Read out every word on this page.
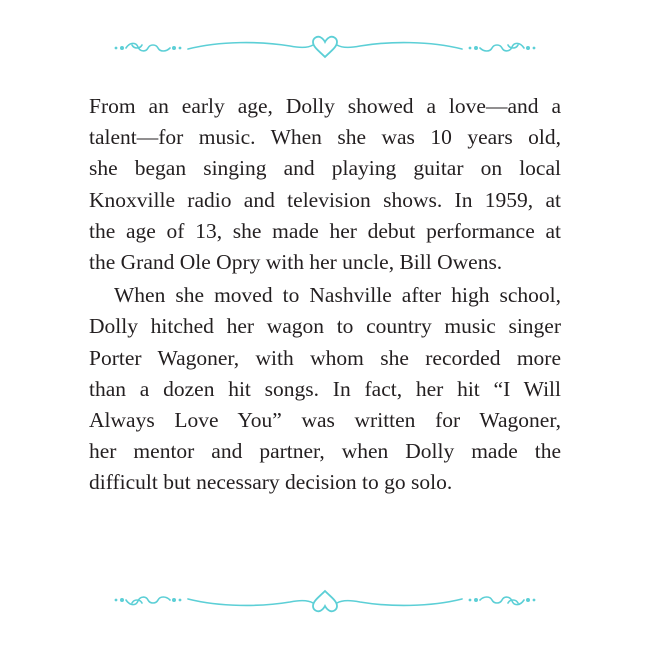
From an early age, Dolly showed a love—and a
talent—for music. When she was 10 years old,
she began singing and playing guitar on local
Knoxville radio and television shows. In 1959, at
the age of 13, she made her debut performance at
the Grand Ole Opry with her uncle, Bill Owens.
When she moved to Nashville after high school,
Dolly hitched her wagon to country music singer
Porter Wagoner, with whom she recorded more
than a dozen hit songs. In fact, her hit “I Will
Always Love You” was written for Wagoner,
her mentor and partner, when Dolly made the
difficult but necessary decision to go solo.
